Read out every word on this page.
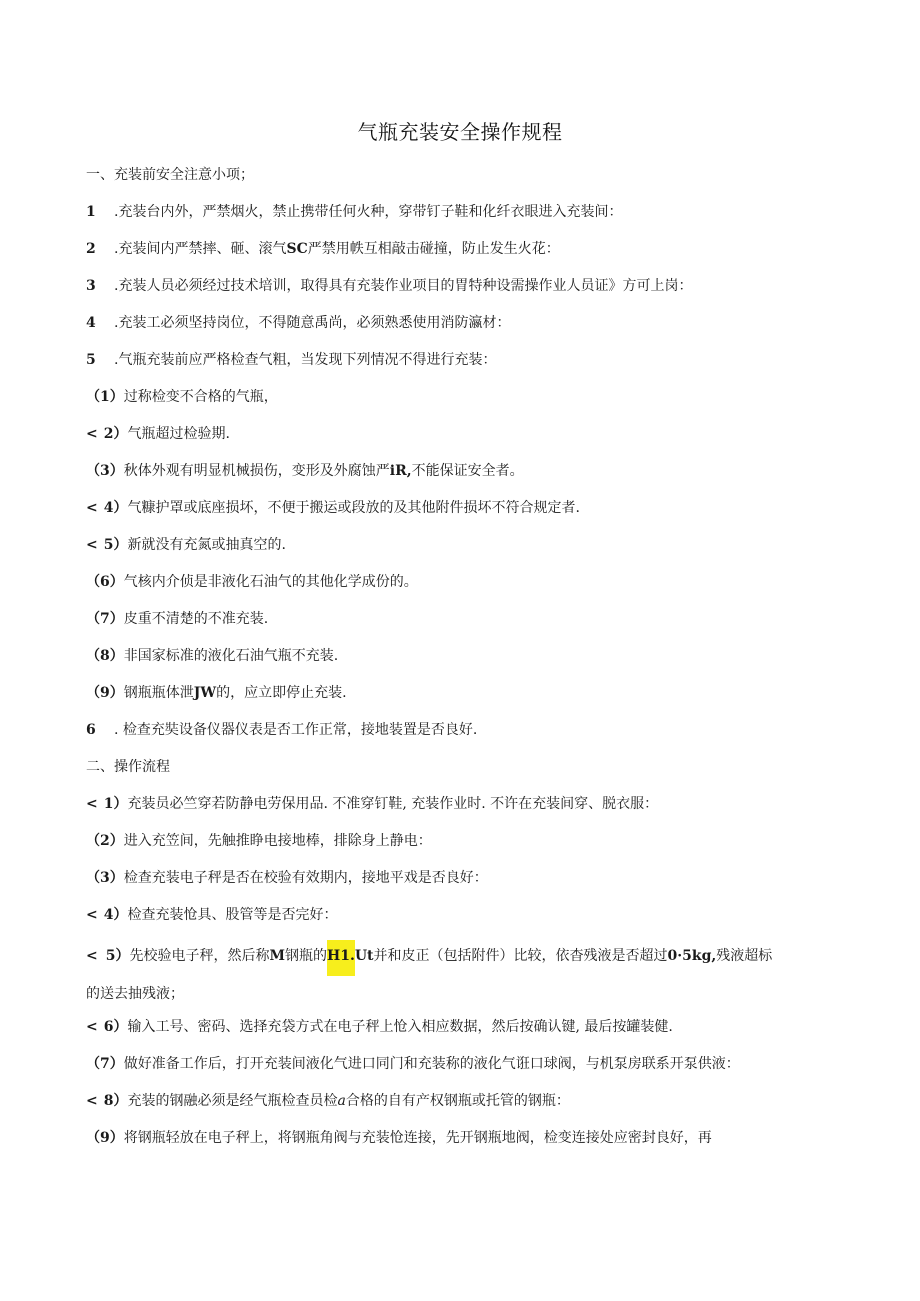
气瓶充装安全操作规程
一、充装前安全注意小项；
1 .充装台内外，严禁烟火，禁止携带任何火种，穿带钉子鞋和化纤衣眼进入充装间：
2 .充装间内严禁摔、砸、滚气SC严禁用帙互相敲击碰撞，防止发生火花：
3 .充装人员必须经过技术培训，取得具有充装作业项目的胃特种设需操作业人员证》方可上岗：
4 .充装工必须坚持岗位，不得随意禹尚，必须熟悉使用消防瀛材：
5 .气瓶充装前应严格检查气粗，当发现下列情况不得进行充装：
（1）过称检变不合格的气瓶，
< 2）气瓶超过检验期.
（3）秋体外观有明显机械损伤，变形及外腐蚀严iR,不能保证安全者。
< 4）气糠护罩或底座损坏，不便于搬运或段放的及其他附件损坏不符合规定者.
< 5）新就没有充氮或抽真空的.
（6）气核内介侦是非液化石油气的其他化学成份的。
（7）皮重不清楚的不准充装.
（8）非国家标准的液化石油气瓶不充装.
（9）钢瓶瓶体泄JW的，应立即停止充装.
6 . 检查充奘设备仪器仪表是否工作正常，接地装置是否良好.
二、操作流程
< 1）充装员必竺穿若防静电劳保用品. 不准穿钉鞋, 充装作业时. 不许在充装间穿、脱衣服：
（2）进入充笠间，先触推睁电接地棒，排除身上静电：
（3）检查充装电子秤是否在校验有效期内，接地平戏是否良好：
< 4）检查充装怆具、股管等是否完好：
< 5）先校验电子秤，然后称M钢瓶的H1.Ut并和皮正（包括附件）比较，依杳残液是否超过0·5kg,残液超标
的送去抽残液；
< 6）输入工号、密码、选择充袋方式在电子秤上怆入相应数据，然后按确认键, 最后按罐装健.
（7）做好准备工作后，打开充装间液化气进口同门和充装称的液化气诳口球阀，与机泵房联系开泵供液：
< 8）充装的钢融必须是经气瓶检查员检a合格的自有产权钢瓶或托管的钢瓶：
（9）将钢瓶轻放在电子秤上，将钢瓶角阀与充装怆连接，先开钢瓶地阀，检变连接处应密封良好，再
